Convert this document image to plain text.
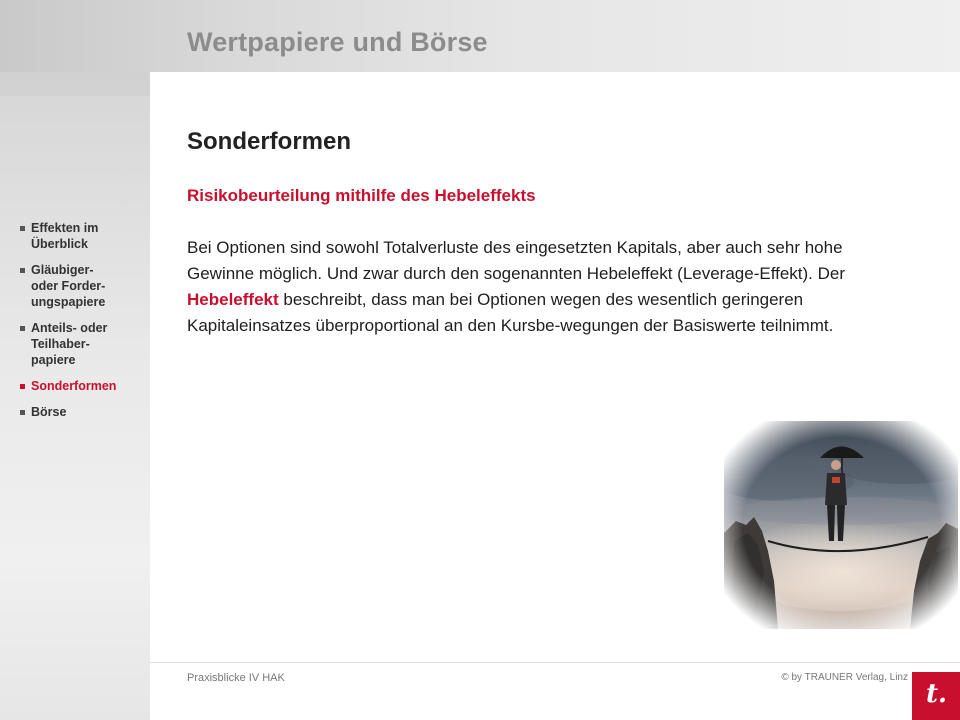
Wertpapiere und Börse
Effekten im
Überblick
Gläubiger-
oder Forder-
ungspapiere
Anteils- oder
Teilhaber-
papiere
Sonderformen
Börse
Sonderformen
Risikobeurteilung mithilfe des Hebeleffekts

Bei Optionen sind sowohl Totalverluste des eingesetzten Kapitals, aber auch sehr hohe Gewinne möglich. Und zwar durch den sogenannten Hebeleffekt (Leverage-Effekt). Der Hebeleffekt beschreibt, dass man bei Optionen wegen des wesentlich geringeren Kapitaleinsatzes überproportional an den Kursbe-wegungen der Basiswerte teilnimmt.

Praxisblicke IV HAK	© by TRAUNER Verlag, Linz
t.
